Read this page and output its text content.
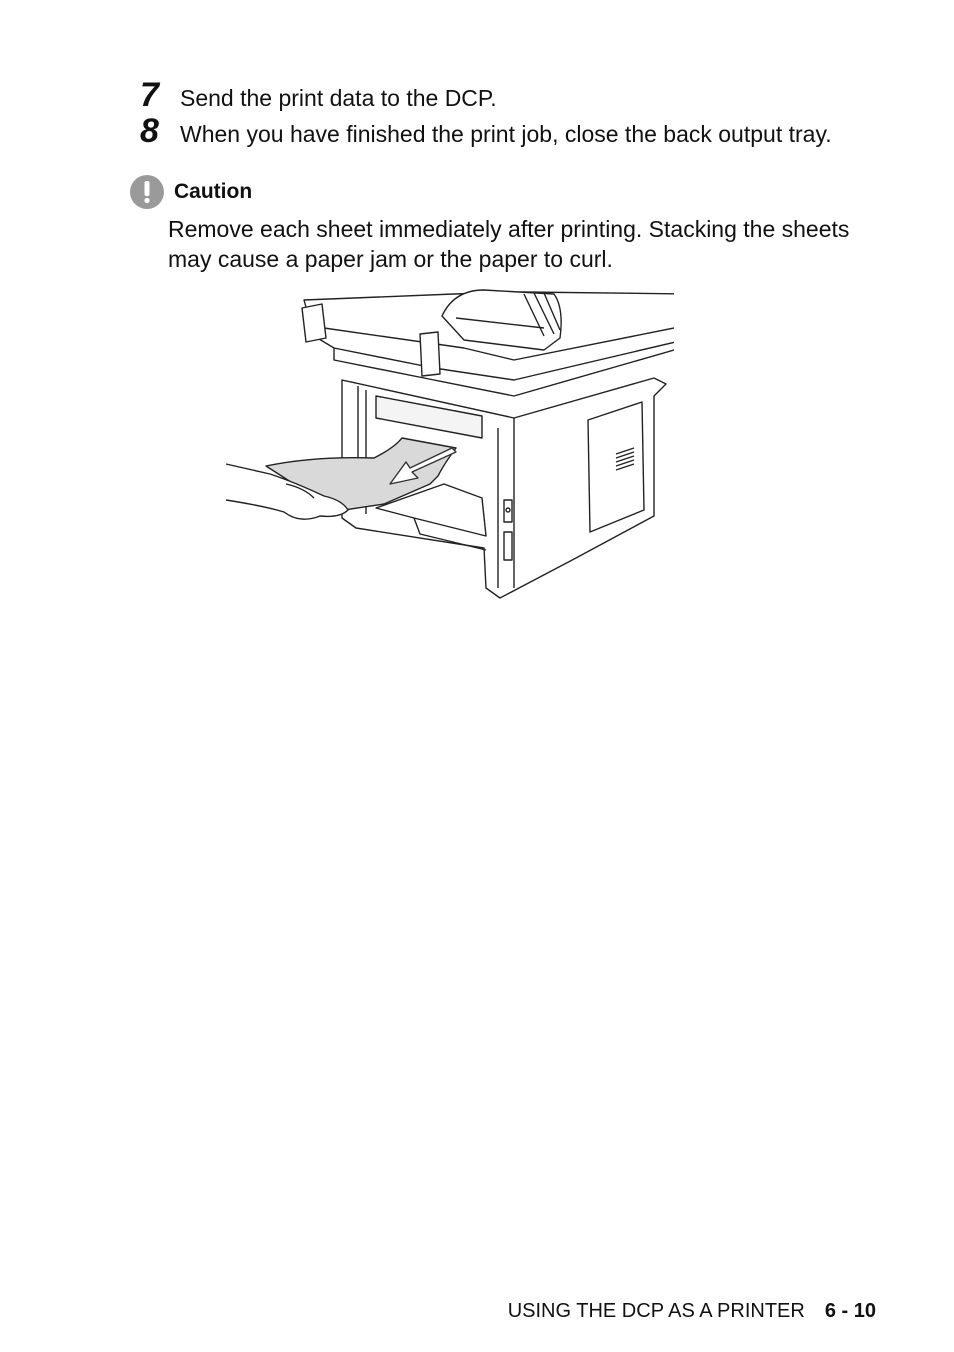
7 Send the print data to the DCP.
8 When you have finished the print job, close the back output tray.
Caution
Remove each sheet immediately after printing. Stacking the sheets may cause a paper jam or the paper to curl.
USING THE DCP AS A PRINTER 6 - 10
